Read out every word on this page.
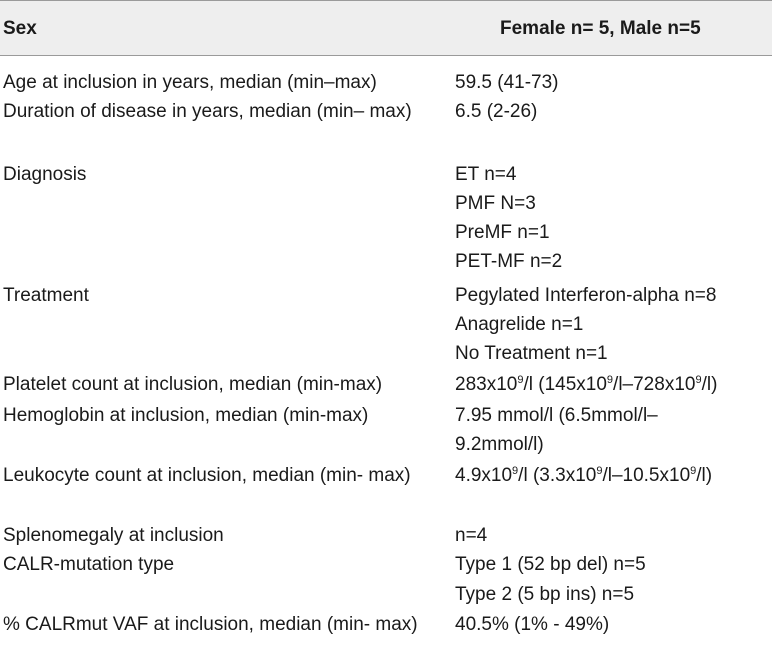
Sex	Female n= 5, Male n=5
Age at inclusion in years, median (min–max)	59.5 (41-73)
Duration of disease in years, median (min– max)	6.5 (2-26)
Diagnosis	ET n=4
PMF N=3
PreMF n=1
PET-MF n=2
Treatment	Pegylated Interferon-alpha n=8
Anagrelide n=1
No Treatment n=1
Platelet count at inclusion, median (min-max)	$283x10^9/l$ $(145x10^9/l-728x10^9/l)$
Hemoglobin at inclusion, median (min-max)	7.95 mmol/l (6.5mmol/l– 9.2mmol/l)
Leukocyte count at inclusion, median (min- max)	$4.9x10^9/l$ $(3.3x10^9/l-10.5x10^9/l)$
Splenomegaly at inclusion	n=4
CALR-mutation type	Type 1 (52 bp del) n=5
Type 2 (5 bp ins) n=5
% CALRmut VAF at inclusion, median (min- max) 40.5% (1% - 49%)
